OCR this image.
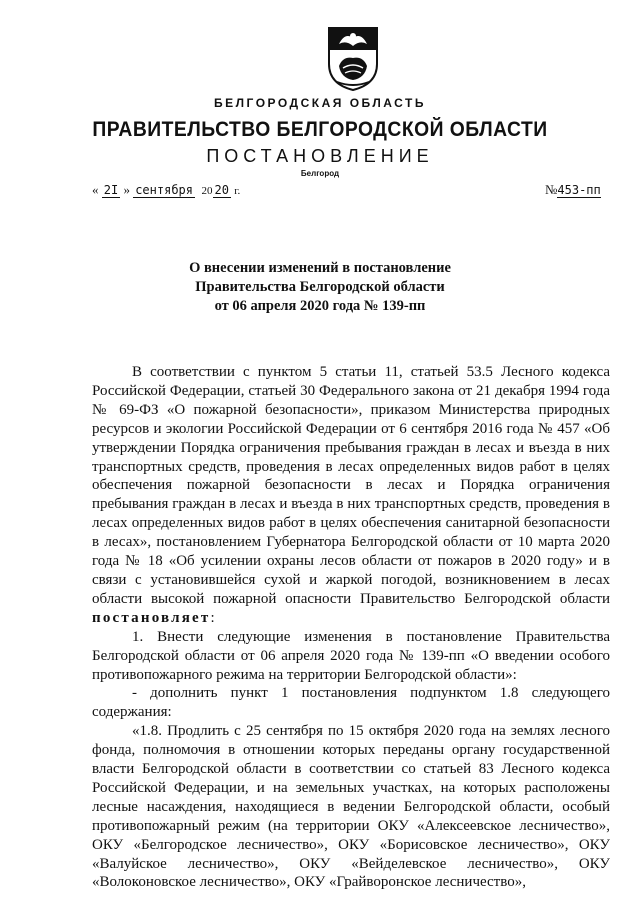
БЕЛГОРОДСКАЯ ОБЛАСТЬ
ПРАВИТЕЛЬСТВО БЕЛГОРОДСКОЙ ОБЛАСТИ
ПОСТАНОВЛЕНИЕ
Белгород
« 2I » сентября 20 20 г.	№453-пп
О внесении изменений в постановление
Правительства Белгородской области
от 06 апреля 2020 года № 139-пп

В соответствии с пунктом 5 статьи 11, статьей 53.5 Лесного кодекса Российской Федерации, статьей 30 Федерального закона от 21 декабря 1994 года № 69-ФЗ «О пожарной безопасности», приказом Министерства природных ресурсов и экологии Российской Федерации от 6 сентября 2016 года № 457 «Об утверждении Порядка ограничения пребывания граждан в лесах и въезда в них транспортных средств, проведения в лесах определенных видов работ в целях обеспечения пожарной безопасности в лесах и Порядка ограничения пребывания граждан в лесах и въезда в них транспортных средств, проведения в лесах определенных видов работ в целях обеспечения санитарной безопасности в лесах», постановлением Губернатора Белгородской области от 10 марта 2020 года № 18 «Об усилении охраны лесов области от пожаров в 2020 году» и в связи с установившейся сухой и жаркой погодой, возникновением в лесах области высокой пожарной опасности Правительство Белгородской области постановляет:

1. Внести следующие изменения в постановление Правительства Белгородской области от 06 апреля 2020 года № 139-пп «О введении особого противопожарного режима на территории Белгородской области»:

- дополнить пункт 1 постановления подпунктом 1.8 следующего содержания:

«1.8. Продлить с 25 сентября по 15 октября 2020 года на землях лесного фонда, полномочия в отношении которых переданы органу государственной власти Белгородской области в соответствии со статьей 83 Лесного кодекса Российской Федерации, и на земельных участках, на которых расположены лесные насаждения, находящиеся в ведении Белгородской области, особый противопожарный режим (на территории ОКУ «Алексеевское лесничество», ОКУ «Белгородское лесничество», ОКУ «Борисовское лесничество», ОКУ «Валуйское лесничество», ОКУ «Вейделевское лесничество», ОКУ «Волоконовское лесничество», ОКУ «Грайворонское лесничество»,
